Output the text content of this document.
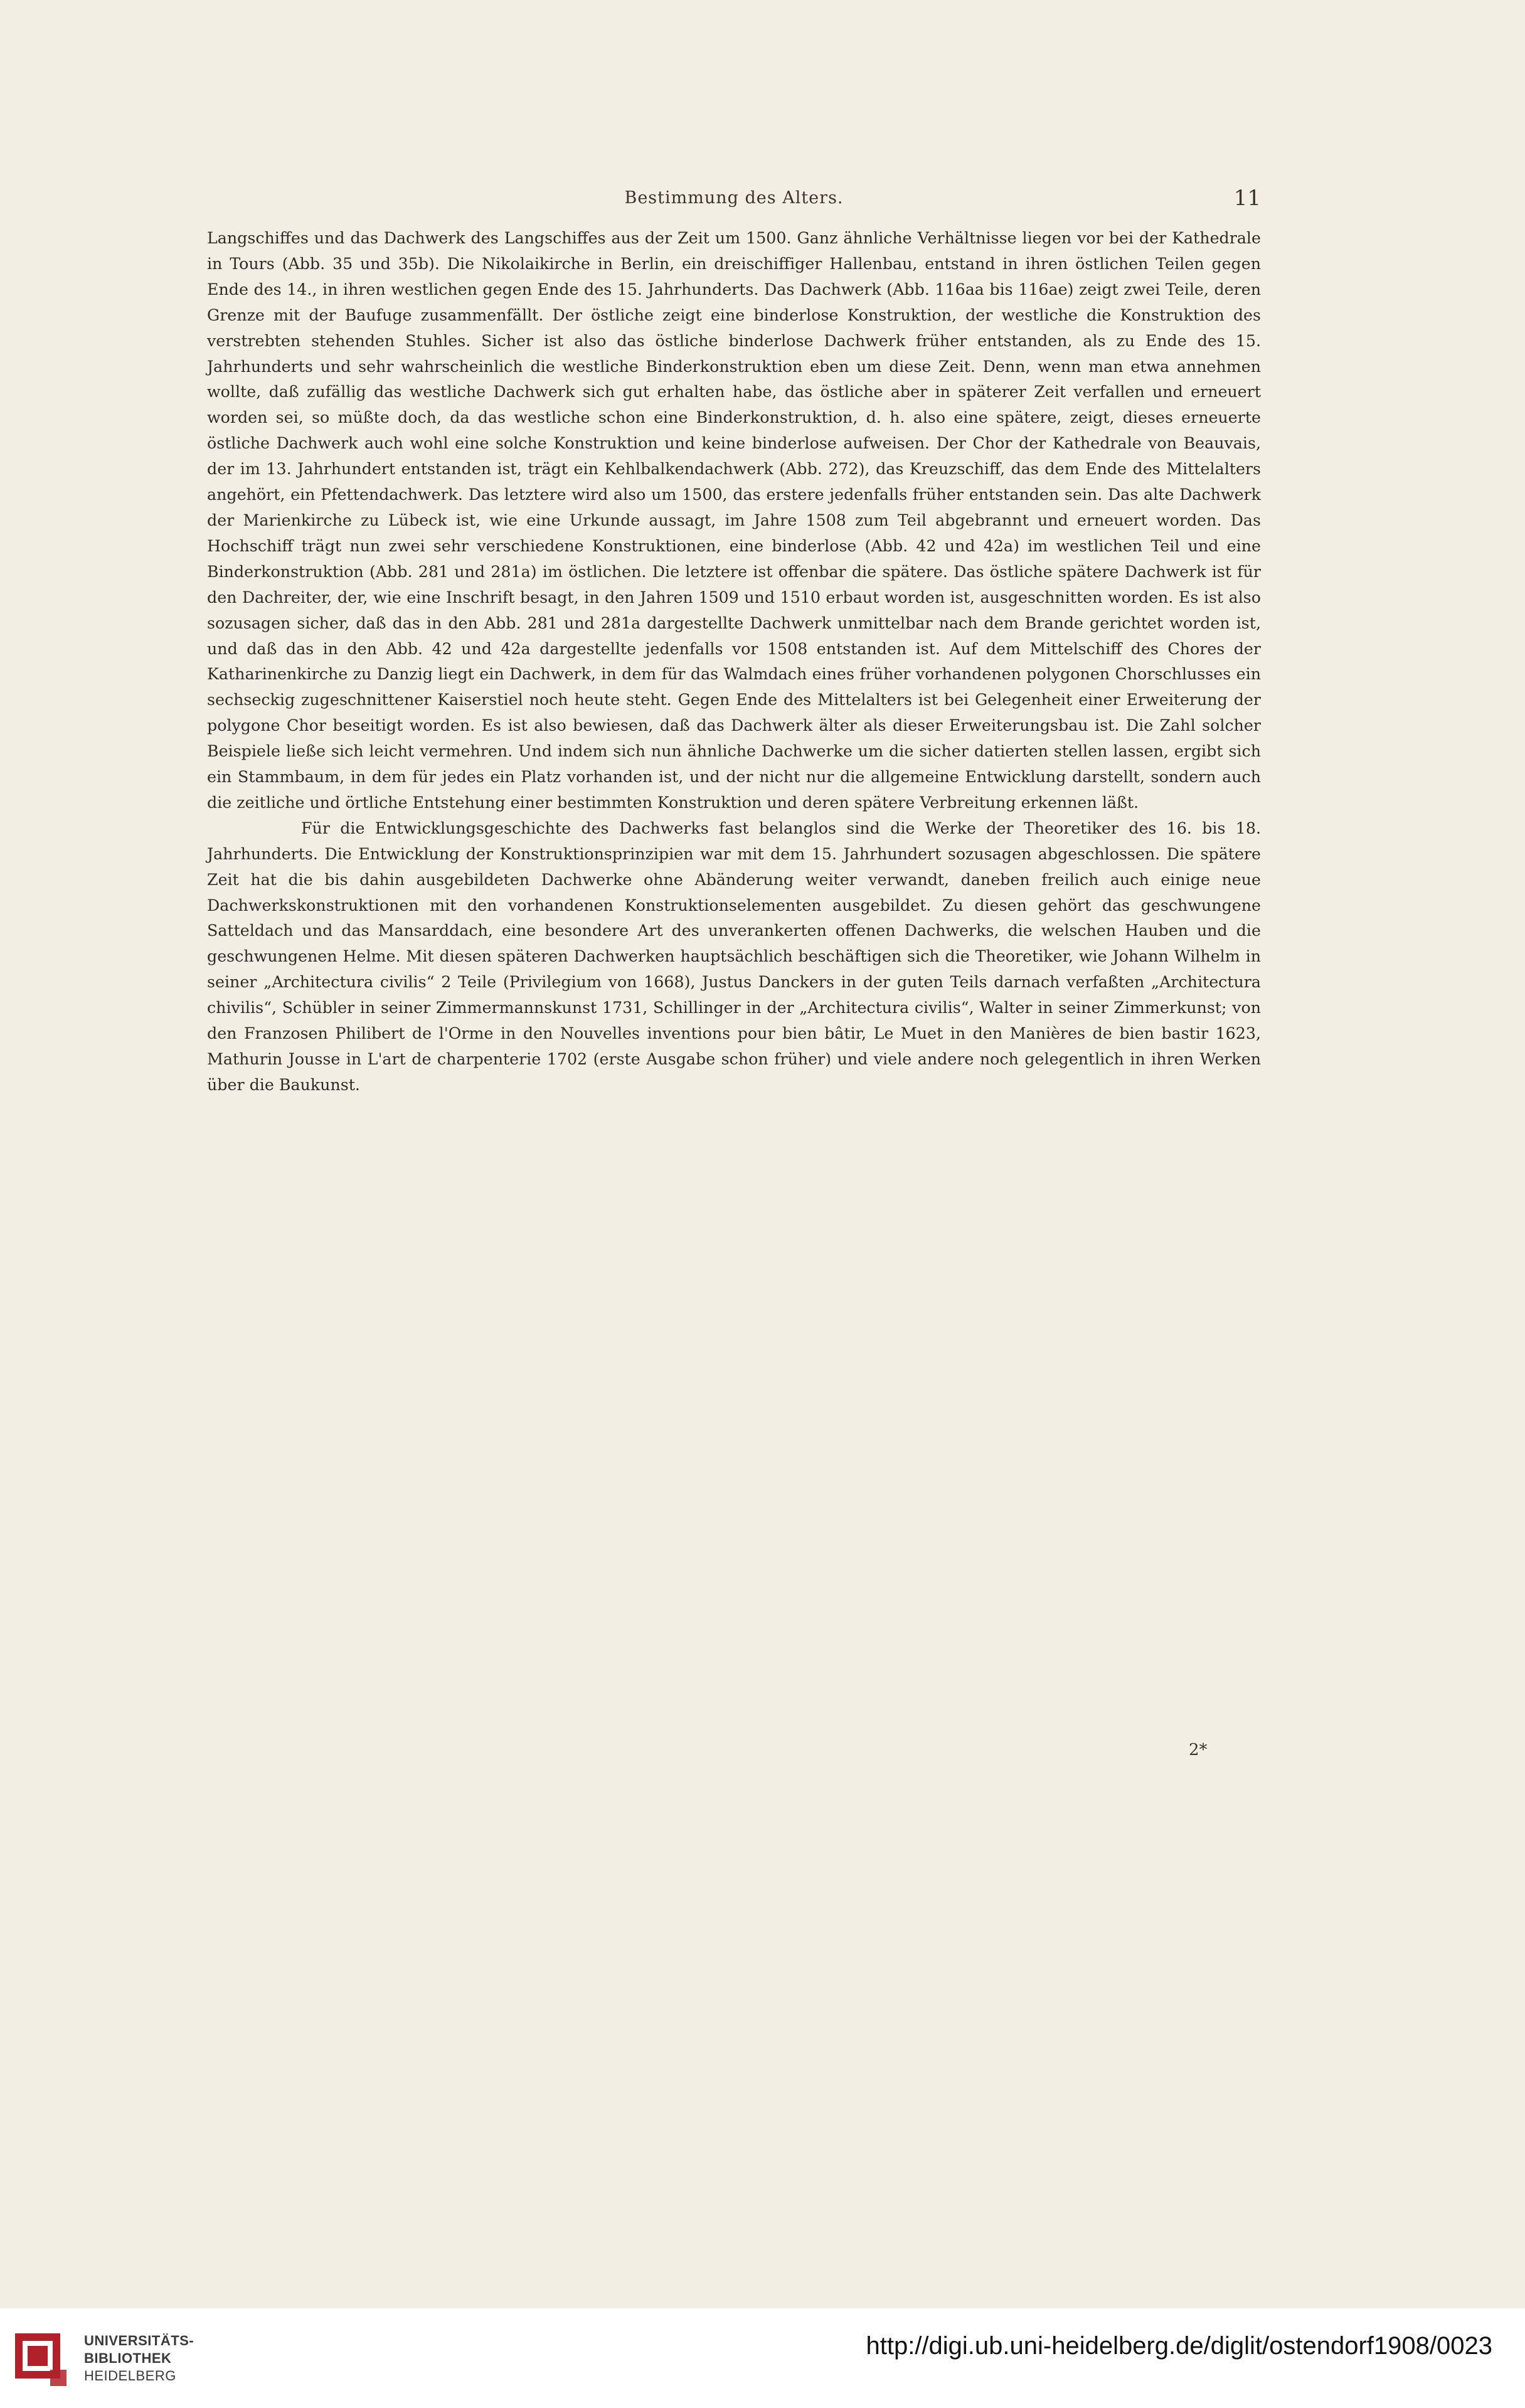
Bestimmung des Alters.	11

Langschiffes und das Dachwerk des Langschiffes aus der Zeit um 1500. Ganz ähnliche Verhältnisse liegen vor bei der Kathedrale in Tours (Abb. 35 und 35b). Die Nikolaikirche in Berlin, ein dreischiffiger Hallenbau, entstand in ihren östlichen Teilen gegen Ende des 14., in ihren westlichen gegen Ende des 15. Jahrhunderts. Das Dachwerk (Abb. 116aa bis 116ae) zeigt zwei Teile, deren Grenze mit der Baufuge zusammenfällt. Der östliche zeigt eine binderlose Konstruktion, der westliche die Konstruktion des verstrebten stehenden Stuhles. Sicher ist also das östliche binderlose Dachwerk früher entstanden, als zu Ende des 15. Jahrhunderts und sehr wahrscheinlich die westliche Binderkonstruktion eben um diese Zeit. Denn, wenn man etwa annehmen wollte, daß zufällig das westliche Dachwerk sich gut erhalten habe, das östliche aber in späterer Zeit verfallen und erneuert worden sei, so müßte doch, da das westliche schon eine Binderkonstruktion, d. h. also eine spätere, zeigt, dieses erneuerte östliche Dachwerk auch wohl eine solche Konstruktion und keine binderlose aufweisen. Der Chor der Kathedrale von Beauvais, der im 13. Jahrhundert entstanden ist, trägt ein Kehlbalkendachwerk (Abb. 272), das Kreuzschiff, das dem Ende des Mittelalters angehört, ein Pfettendachwerk. Das letztere wird also um 1500, das erstere jedenfalls früher entstanden sein. Das alte Dachwerk der Marienkirche zu Lübeck ist, wie eine Urkunde aussagt, im Jahre 1508 zum Teil abgebrannt und erneuert worden. Das Hochschiff trägt nun zwei sehr verschiedene Konstruktionen, eine binderlose (Abb. 42 und 42a) im westlichen Teil und eine Binderkonstruktion (Abb. 281 und 281a) im östlichen. Die letztere ist offenbar die spätere. Das östliche spätere Dachwerk ist für den Dachreiter, der, wie eine Inschrift besagt, in den Jahren 1509 und 1510 erbaut worden ist, ausgeschnitten worden. Es ist also sozusagen sicher, daß das in den Abb. 281 und 281a dargestellte Dachwerk unmittelbar nach dem Brande gerichtet worden ist, und daß das in den Abb. 42 und 42a dargestellte jedenfalls vor 1508 entstanden ist. Auf dem Mittelschiff des Chores der Katharinenkirche zu Danzig liegt ein Dachwerk, in dem für das Walmdach eines früher vorhandenen polygonen Chorschlusses ein sechseckig zugeschnittener Kaiserstiel noch heute steht. Gegen Ende des Mittelalters ist bei Gelegenheit einer Erweiterung der polygone Chor beseitigt worden. Es ist also bewiesen, daß das Dachwerk älter als dieser Erweiterungsbau ist. Die Zahl solcher Beispiele ließe sich leicht vermehren. Und indem sich nun ähnliche Dachwerke um die sicher datierten stellen lassen, ergibt sich ein Stammbaum, in dem für jedes ein Platz vorhanden ist, und der nicht nur die allgemeine Entwicklung darstellt, sondern auch die zeitliche und örtliche Entstehung einer bestimmten Konstruktion und deren spätere Verbreitung erkennen läßt.

Für die Entwicklungsgeschichte des Dachwerks fast belanglos sind die Werke der Theoretiker des 16. bis 18. Jahrhunderts. Die Entwicklung der Konstruktionsprinzipien war mit dem 15. Jahrhundert sozusagen abgeschlossen. Die spätere Zeit hat die bis dahin ausgebildeten Dachwerke ohne Abänderung weiter verwandt, daneben freilich auch einige neue Dachwerkskonstruktionen mit den vorhandenen Konstruktionselementen ausgebildet. Zu diesen gehört das geschwungene Satteldach und das Mansarddach, eine besondere Art des unverankerten offenen Dachwerks, die welschen Hauben und die geschwungenen Helme. Mit diesen späteren Dachwerken hauptsächlich beschäftigen sich die Theoretiker, wie Johann Wilhelm in seiner „Architectura civilis“ 2 Teile (Privilegium von 1668), Justus Danckers in der guten Teils darnach verfaßten „Architectura chivilis“, Schübler in seiner Zimmermannskunst 1731, Schillinger in der „Architectura civilis“, Walter in seiner Zimmerkunst; von den Franzosen Philibert de l'Orme in den Nouvelles inventions pour bien bâtir, Le Muet in den Manières de bien bastir 1623, Mathurin Jousse in L'art de charpenterie 1702 (erste Ausgabe schon früher) und viele andere noch gelegentlich in ihren Werken über die Baukunst.

2*
UNIVERSITÄTS-
BIBLIOTHEK
HEIDELBERG
http://digi.ub.uni-heidelberg.de/diglit/ostendorf1908/0023
